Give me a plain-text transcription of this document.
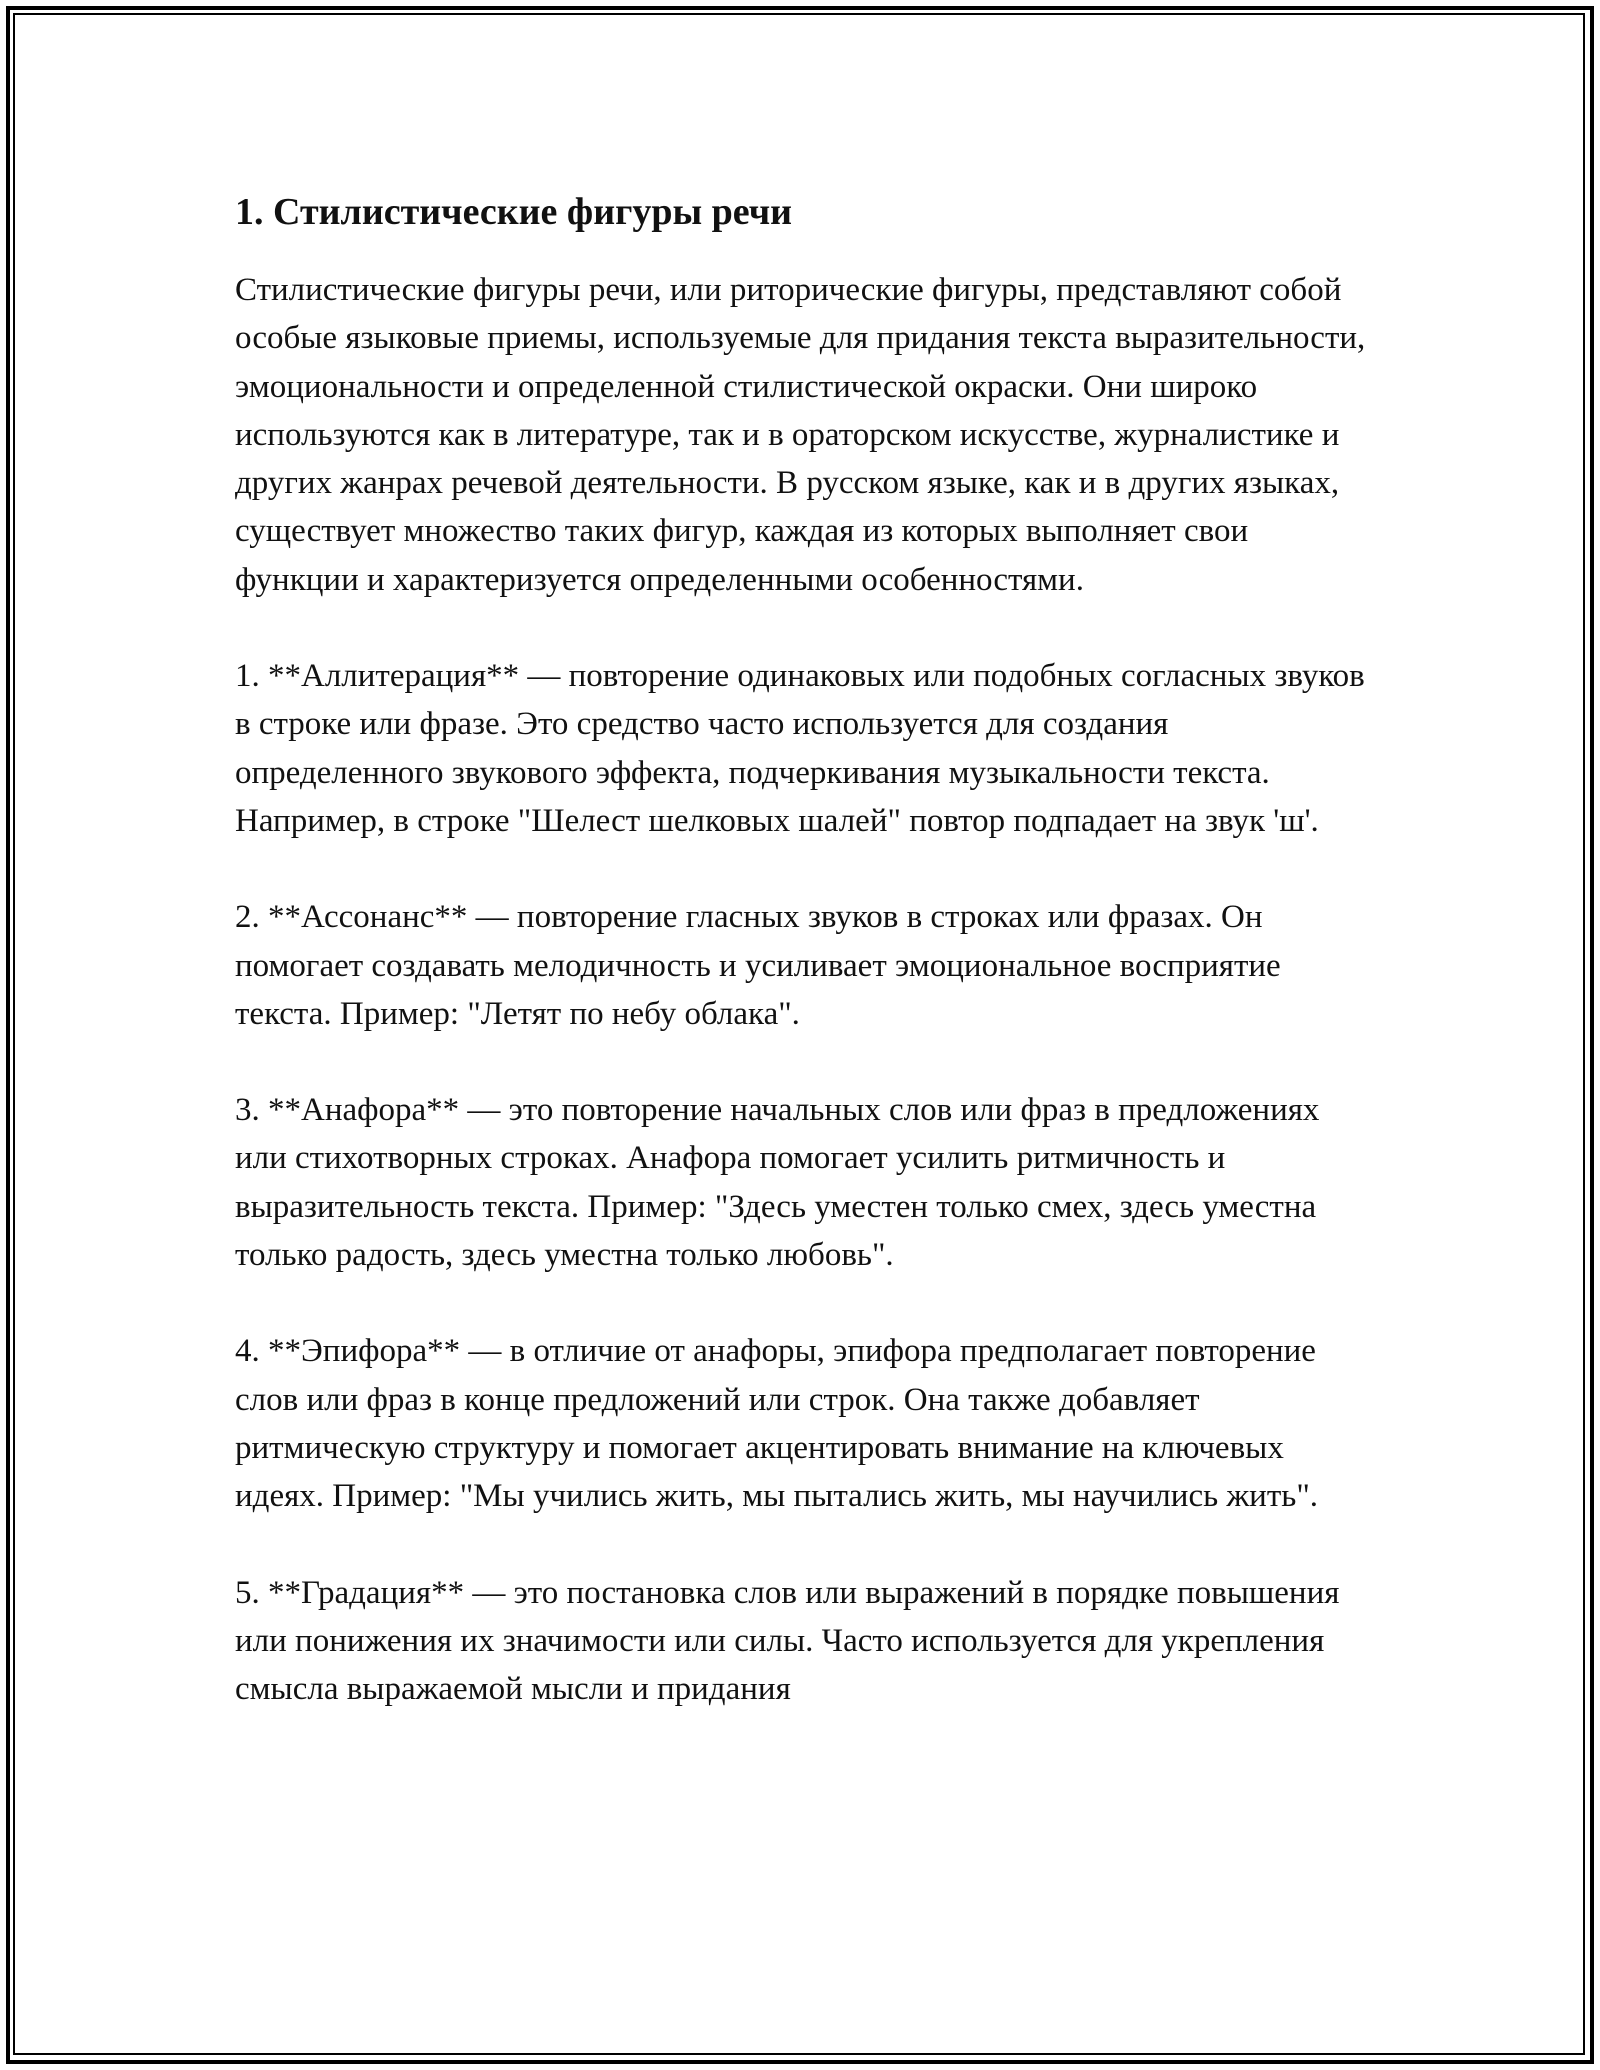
1. Стилистические фигуры речи

Стилистические фигуры речи, или риторические фигуры, представляют собой особые языковые приемы, используемые для придания текста выразительности, эмоциональности и определенной стилистической окраски. Они широко используются как в литературе, так и в ораторском искусстве, журналистике и других жанрах речевой деятельности. В русском языке, как и в других языках, существует множество таких фигур, каждая из которых выполняет свои функции и характеризуется определенными особенностями.

1. **Аллитерация** — повторение одинаковых или подобных согласных звуков в строке или фразе. Это средство часто используется для создания определенного звукового эффекта, подчеркивания музыкальности текста. Например, в строке "Шелест шелковых шалей" повтор подпадает на звук 'ш'.

2. **Ассонанс** — повторение гласных звуков в строках или фразах. Он помогает создавать мелодичность и усиливает эмоциональное восприятие текста. Пример: "Летят по небу облака".

3. **Анафора** — это повторение начальных слов или фраз в предложениях или стихотворных строках. Анафора помогает усилить ритмичность и выразительность текста. Пример: "Здесь уместен только смех, здесь уместна только радость, здесь уместна только любовь".

4. **Эпифора** — в отличие от анафоры, эпифора предполагает повторение слов или фраз в конце предложений или строк. Она также добавляет ритмическую структуру и помогает акцентировать внимание на ключевых идеях. Пример: "Мы учились жить, мы пытались жить, мы научились жить".

5. **Градация** — это постановка слов или выражений в порядке повышения или понижения их значимости или силы. Часто используется для укрепления смысла выражаемой мысли и придания
